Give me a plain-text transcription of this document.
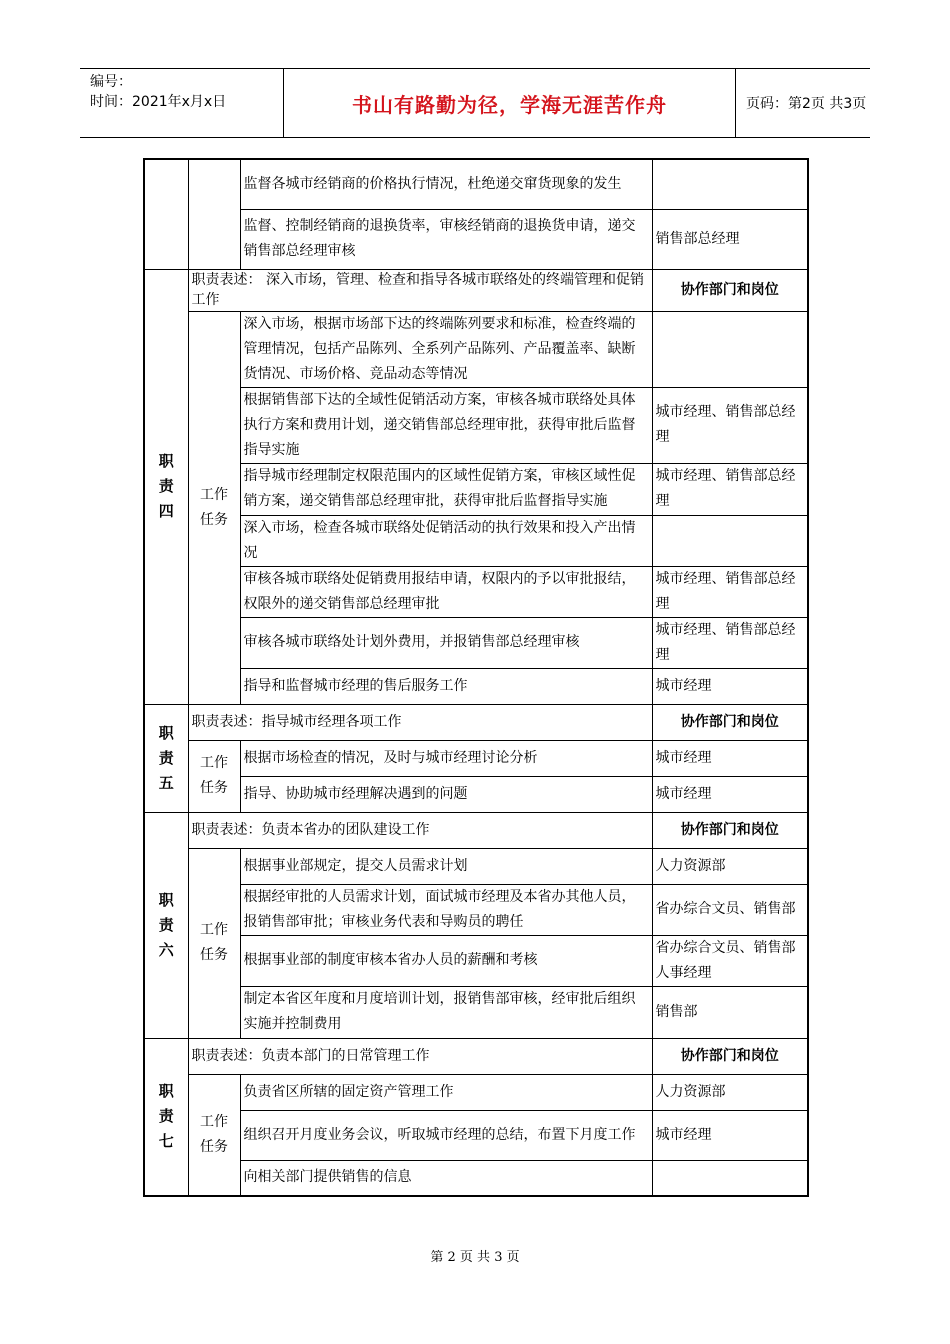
编号：
时间：2021年x月x日	书山有路勤为径，学海无涯苦作舟	页码：第2页 共3页
		监督各城市经销商的价格执行情况，杜绝递交窜货现象的发生	
		监督、控制经销商的退换货率，审核经销商的退换货申请，递交销售部总经理审核	销售部总经理

职责四	职责表述： 深入市场，管理、检查和指导各城市联络处的终端管理和促销工作		协作部门和岗位

	工作任务	深入市场，根据市场部下达的终端陈列要求和标准，检查终端的管理情况，包括产品陈列、全系列产品陈列、产品覆盖率、缺断货情况、市场价格、竞品动态等情况	
		根据销售部下达的全域性促销活动方案，审核各城市联络处具体执行方案和费用计划，递交销售部总经理审批，获得审批后监督指导实施	城市经理、销售部总经理
		指导城市经理制定权限范围内的区域性促销方案，审核区域性促销方案，递交销售部总经理审批，获得审批后监督指导实施	城市经理、销售部总经理
		深入市场，检查各城市联络处促销活动的执行效果和投入产出情况	
		审核各城市联络处促销费用报结申请，权限内的予以审批报结，权限外的递交销售部总经理审批	城市经理、销售部总经理
		审核各城市联络处计划外费用，并报销售部总经理审核	城市经理、销售部总经理
		指导和监督城市经理的售后服务工作	城市经理

职责五	职责表述：指导城市经理各项工作		协作部门和岗位

	工作任务	根据市场检查的情况，及时与城市经理讨论分析	城市经理
		指导、协助城市经理解决遇到的问题	城市经理

职责六	职责表述：负责本省办的团队建设工作		协作部门和岗位

	工作任务	根据事业部规定，提交人员需求计划	人力资源部
		根据经审批的人员需求计划，面试城市经理及本省办其他人员，报销售部审批；审核业务代表和导购员的聘任	省办综合文员、销售部
		根据事业部的制度审核本省办人员的薪酬和考核	省办综合文员、销售部人事经理
		制定本省区年度和月度培训计划，报销售部审核，经审批后组织实施并控制费用	销售部

职责七	职责表述：负责本部门的日常管理工作		协作部门和岗位

	工作任务	负责省区所辖的固定资产管理工作	人力资源部
		组织召开月度业务会议，听取城市经理的总结，布置下月度工作	城市经理
		向相关部门提供销售的信息	
第 2 页 共 3 页
